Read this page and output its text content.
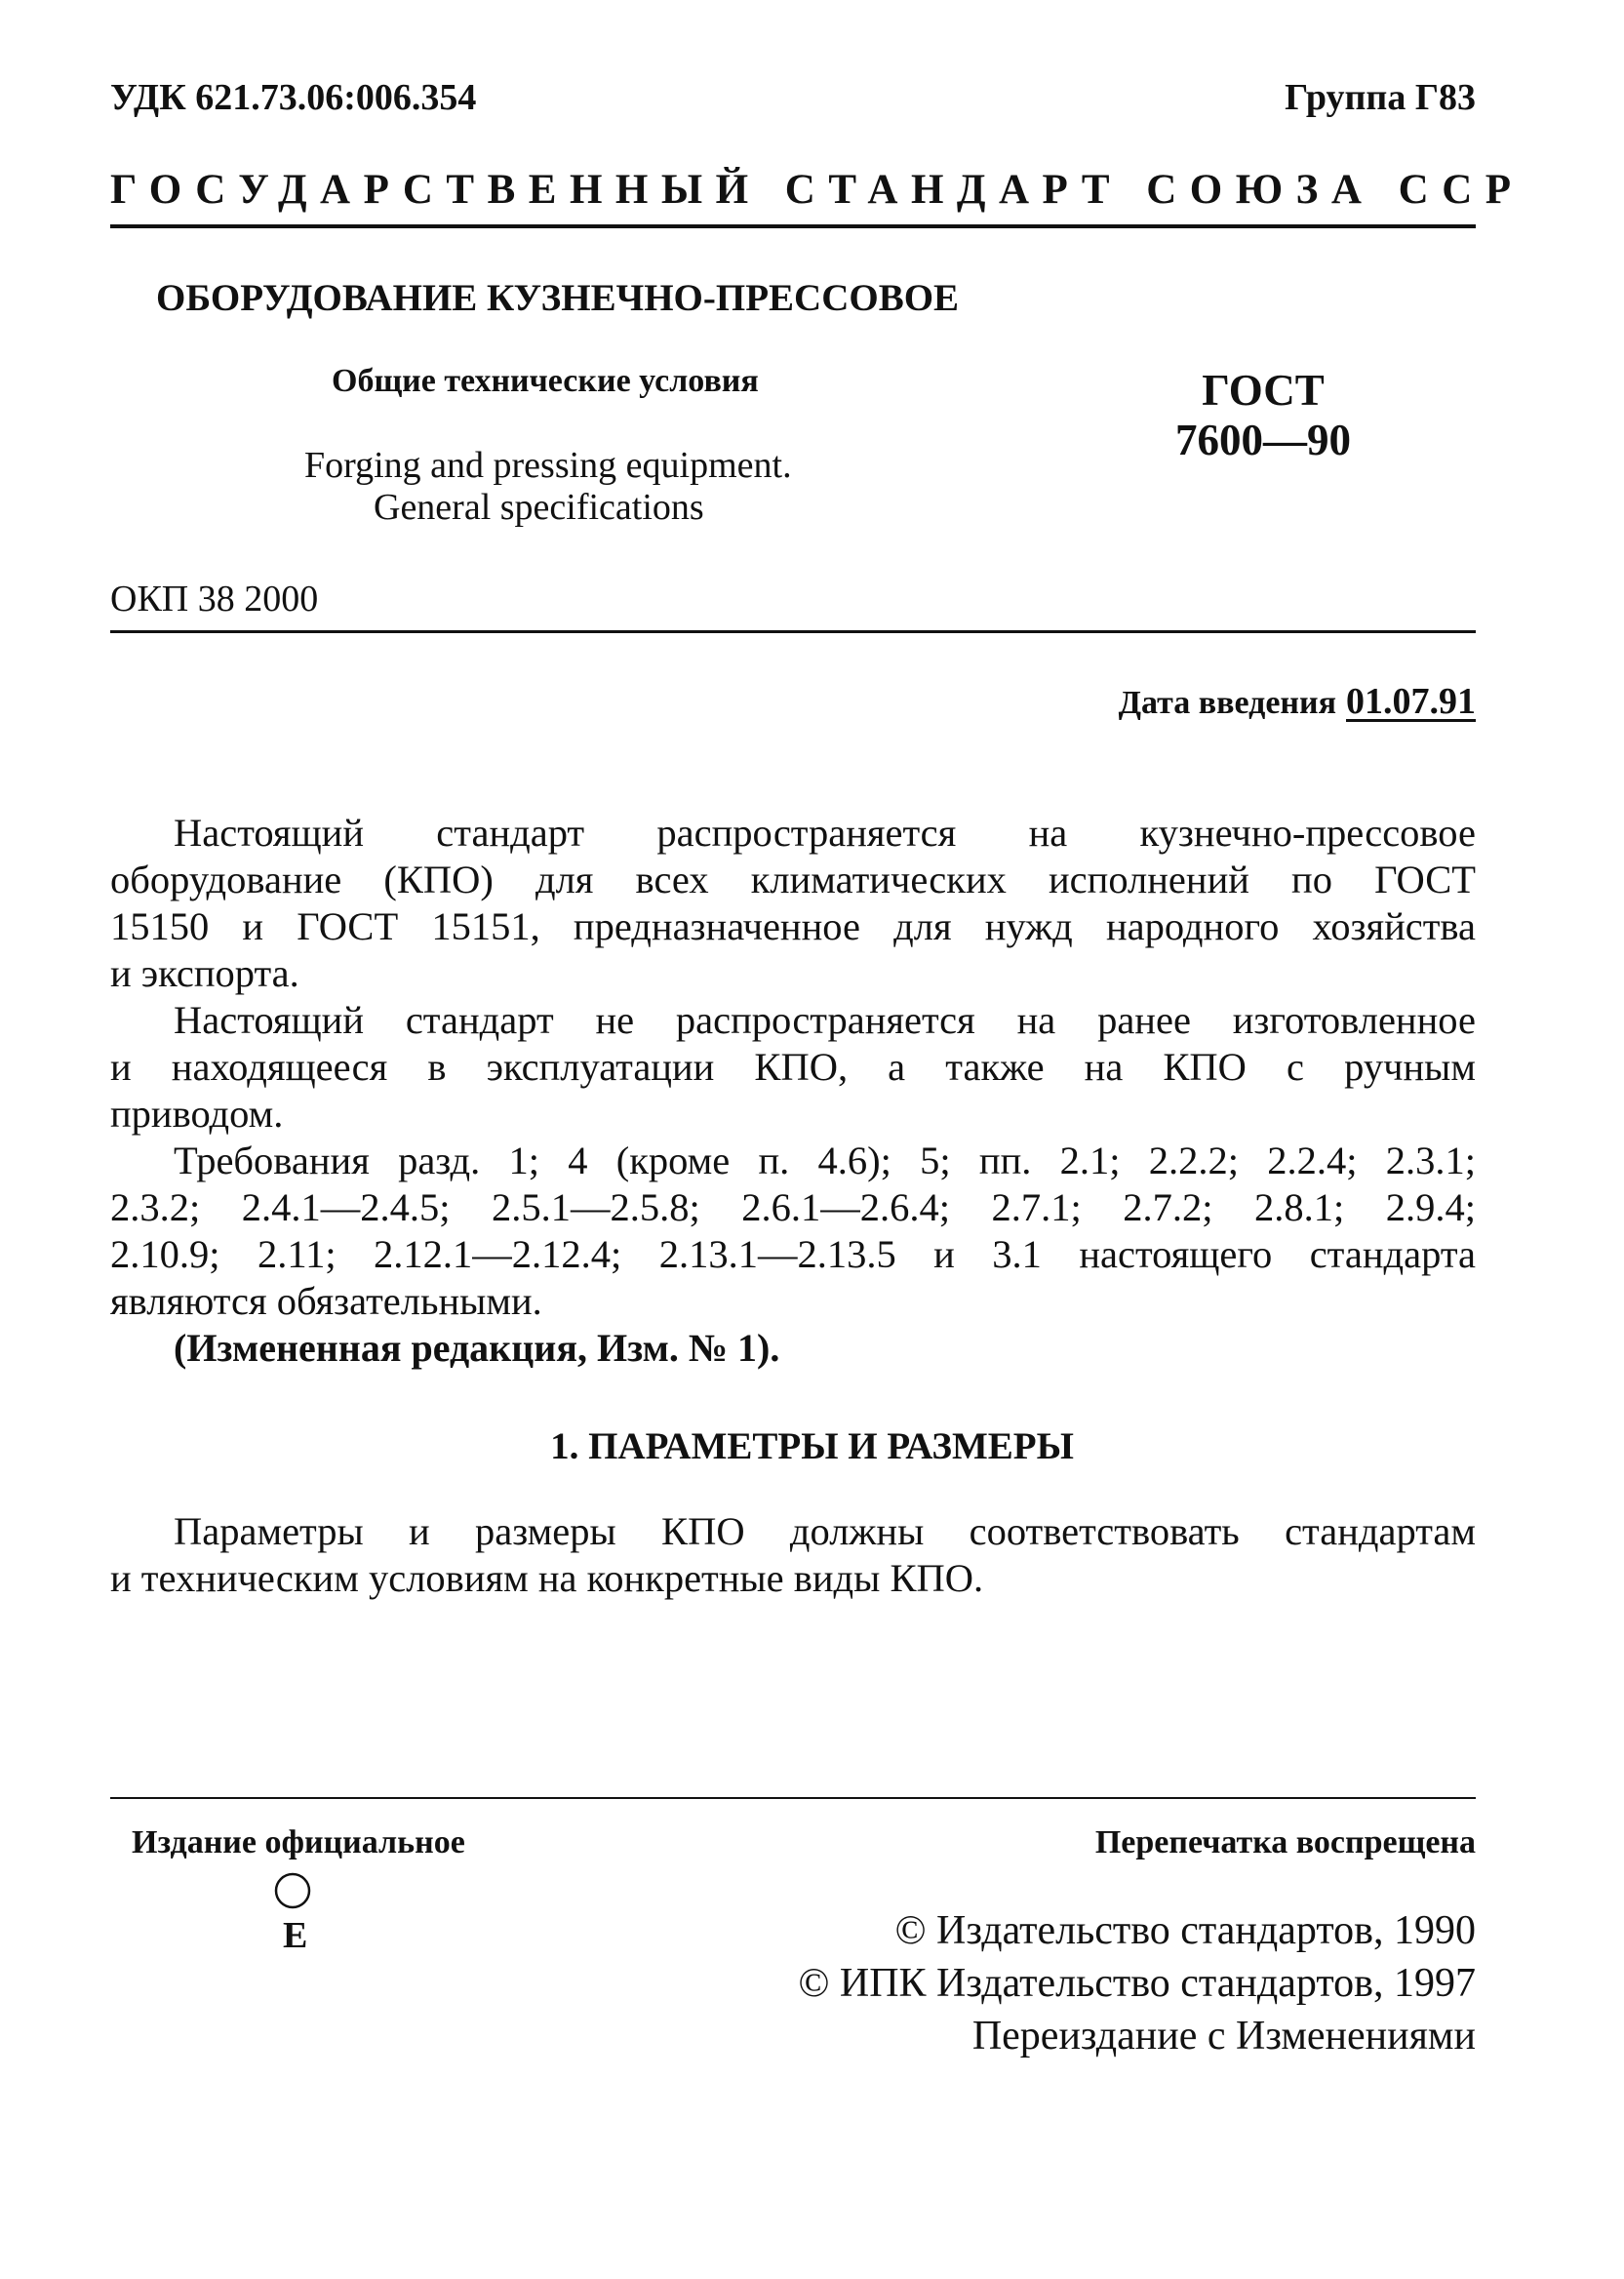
УДК 621.73.06:006.354	Группа Г83
ГОСУДАРСТВЕННЫЙ СТАНДАРТ СОЮЗА ССР
ОБОРУДОВАНИЕ КУЗНЕЧНО-ПРЕССОВОЕ
Общие технические условия
Forging and pressing equipment.
General specifications
ГОСТ
7600—90
ОКП 38 2000
Дата введения 01.07.91
Настоящий стандарт распространяется на кузнечно-прессовое
оборудование (КПО) для всех климатических исполнений по ГОСТ
15150 и ГОСТ 15151, предназначенное для нужд народного хозяйства
и экспорта.
Настоящий стандарт не распространяется на ранее изготовленное
и находящееся в эксплуатации КПО, а также на КПО с ручным
приводом.
Требования разд. 1; 4 (кроме п. 4.6); 5; пп. 2.1; 2.2.2; 2.2.4; 2.3.1;
2.3.2; 2.4.1—2.4.5; 2.5.1—2.5.8; 2.6.1—2.6.4; 2.7.1; 2.7.2; 2.8.1; 2.9.4;
2.10.9; 2.11; 2.12.1—2.12.4; 2.13.1—2.13.5 и 3.1 настоящего стандарта
являются обязательными.
(Измененная редакция, Изм. № 1).
1. ПАРАМЕТРЫ И РАЗМЕРЫ
Параметры и размеры КПО должны соответствовать стандартам
и техническим условиям на конкретные виды КПО.
Издание официальное	Перепечатка воспрещена
Е	© Издательство стандартов, 1990
© ИПК Издательство стандартов, 1997
Переиздание с Изменениями
